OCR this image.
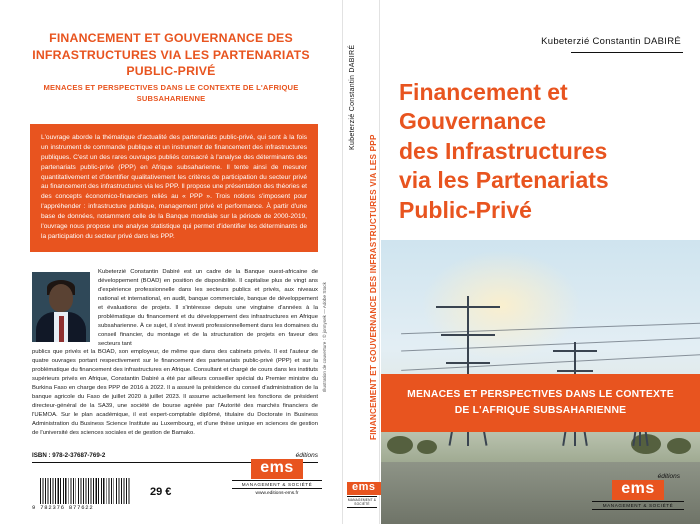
FINANCEMENT ET GOUVERNANCE DES INFRASTRUCTURES VIA LES PARTENARIATS PUBLIC-PRIVÉ
MENACES ET PERSPECTIVES DANS LE CONTEXTE DE L'AFRIQUE SUBSAHARIENNE

L'ouvrage aborde la thématique d'actualité des partenariats public-privé, qui sont à la fois un instrument de commande publique et un instrument de financement des infrastructures publiques. C'est un des rares ouvrages publiés consacré à l'analyse des déterminants des partenariats public-privé (PPP) en Afrique subsaharienne. Il tente ainsi de mesurer quantitativement et d'identifier qualitativement les critères de participation du secteur privé au financement des infrastructures via les PPP. Il propose une présentation des théories et des concepts économico-financiers reliés au « PPP ». Trois notions s'imposent pour l'appréhender : infrastructure publique, management privé et performance. À partir d'une base de données, notamment celle de la Banque mondiale sur la période de 2000-2019, l'ouvrage nous propose une analyse statistique qui permet d'identifier les déterminants de la participation du secteur privé dans les PPP.

Kubeterzié Constantin Dabiré est un cadre de la Banque ouest-africaine de développement (BOAD) en position de disponibilité. Il capitalise plus de vingt ans d'expérience professionnelle dans les secteurs publics et privés, aux niveaux national et international, en audit, banque commerciale, banque de développement et évaluations de projets. Il s'intéresse depuis une vingtaine d'années à la problématique du financement et du développement des infrastructures en Afrique subsaharienne. À ce sujet, il s'est investi professionnellement dans les domaines du conseil financier, du montage et de la structuration de projets en faveur des secteurs tant

publics que privés et la BOAD, son employeur, de même que dans des cabinets privés. Il est l'auteur de quatre ouvrages portant respectivement sur le financement des partenariats public-privé (PPP) et sur la problématique du financement des infrastructures en Afrique. Consultant et chargé de cours dans les instituts supérieurs privés en Afrique, Constantin Dabiré a été par ailleurs conseiller spécial du Premier ministre du Burkina Faso en charge des PPP de 2016 à 2022. Il a assuré la présidence du conseil d'administration de la banque agricole du Faso de juillet 2020 à juillet 2023. Il assume actuellement les fonctions de président directeur-général de la SA39, une société de bourse agréée par l'Autorité des marchés financiers de l'UEMOA. Sur le plan académique, il est expert-comptable diplômé, titulaire du Doctorate in Business Administration du Business Science Institute au Luxembourg, et d'une thèse unique en sciences de gestion de l'université des sciences sociales et de gestion de Bamako.

ISBN : 978-2-37687-769-2
9 782376 877622
29 €
éditions
ems
MANAGEMENT & SOCIÉTÉ
www.editions-ems.fr
Illustration de couverture : © jonnysek — Adobe Stock
Kubeterzié Constantin DABIRÉ
FINANCEMENT ET GOUVERNANCE DES INFRASTRUCTURES VIA LES PPP
ems
MANAGEMENT & SOCIÉTÉ
Kubeterzié Constantin DABIRÉ
Financement et Gouvernance
des Infrastructures
via les Partenariats
Public-Privé
MENACES ET PERSPECTIVES DANS LE CONTEXTE
DE L'AFRIQUE SUBSAHARIENNE
éditions
ems
MANAGEMENT & SOCIÉTÉ
